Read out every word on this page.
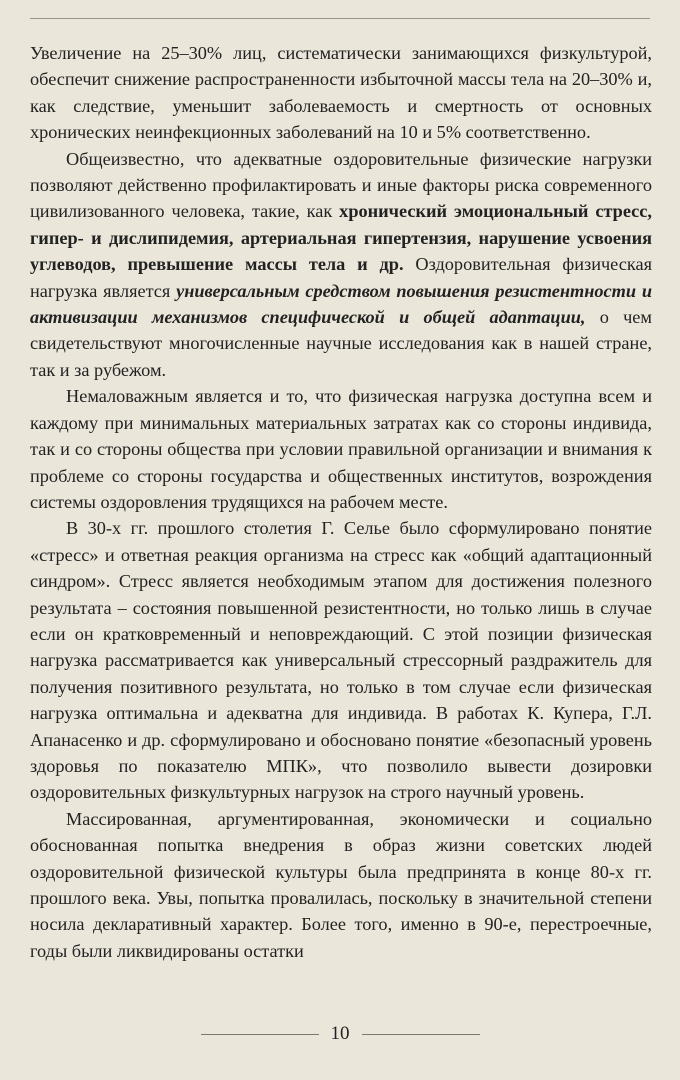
Увеличение на 25–30% лиц, систематически занимающихся физкультурой, обеспечит снижение распространенности избыточной массы тела на 20–30% и, как следствие, уменьшит заболеваемость и смертность от основных хронических неинфекционных заболеваний на 10 и 5% соответственно.

Общеизвестно, что адекватные оздоровительные физические нагрузки позволяют действенно профилактировать и иные факторы риска современного цивилизованного человека, такие, как хронический эмоциональный стресс, гипер- и дислипидемия, артериальная гипертензия, нарушение усвоения углеводов, превышение массы тела и др. Оздоровительная физическая нагрузка является универсальным средством повышения резистентности и активизации механизмов специфической и общей адаптации, о чем свидетельствуют многочисленные научные исследования как в нашей стране, так и за рубежом.

Немаловажным является и то, что физическая нагрузка доступна всем и каждому при минимальных материальных затратах как со стороны индивида, так и со стороны общества при условии правильной организации и внимания к проблеме со стороны государства и общественных институтов, возрождения системы оздоровления трудящихся на рабочем месте.

В 30-х гг. прошлого столетия Г. Селье было сформулировано понятие «стресс» и ответная реакция организма на стресс как «общий адаптационный синдром». Стресс является необходимым этапом для достижения полезного результата – состояния повышенной резистентности, но только лишь в случае если он кратковременный и неповреждающий. С этой позиции физическая нагрузка рассматривается как универсальный стрессорный раздражитель для получения позитивного результата, но только в том случае если физическая нагрузка оптимальна и адекватна для индивида. В работах К. Купера, Г.Л. Апанасенко и др. сформулировано и обосновано понятие «безопасный уровень здоровья по показателю МПК», что позволило вывести дозировки оздоровительных физкультурных нагрузок на строго научный уровень.

Массированная, аргументированная, экономически и социально обоснованная попытка внедрения в образ жизни советских людей оздоровительной физической культуры была предпринята в конце 80-х гг. прошлого века. Увы, попытка провалилась, поскольку в значительной степени носила декларативный характер. Более того, именно в 90-е, перестроечные, годы были ликвидированы остатки

10
